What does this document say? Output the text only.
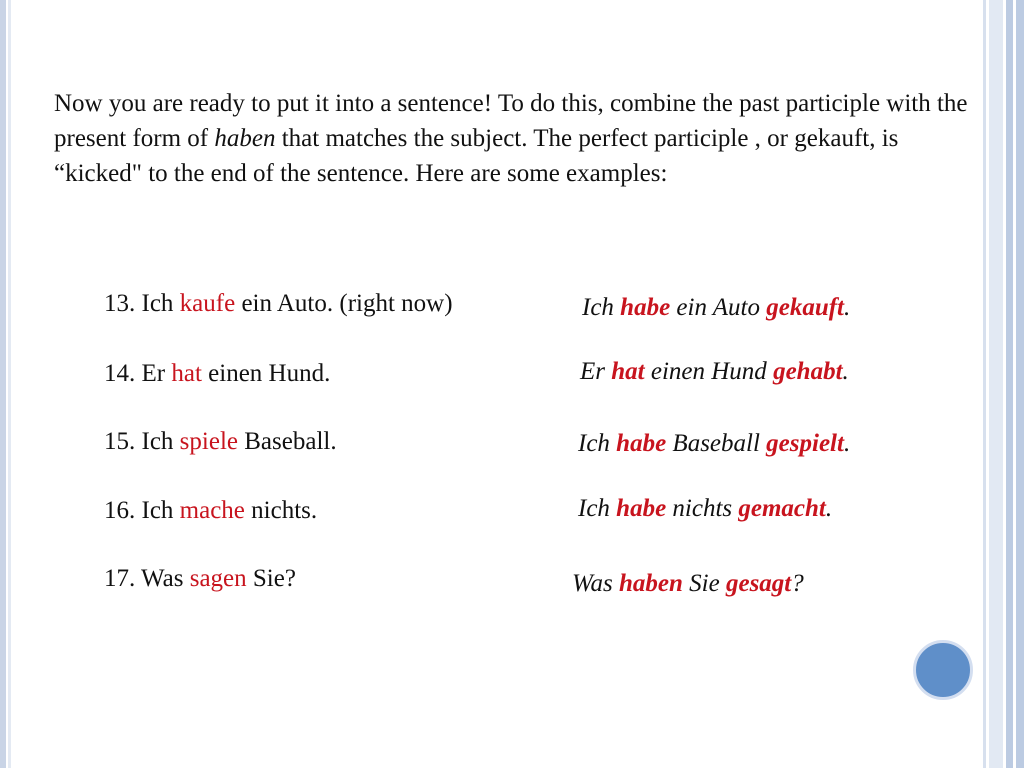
Now you are ready to put it into a sentence! To do this, combine the past participle with the present form of haben that matches the subject. The perfect participle , or gekauft, is “kicked" to the end of the sentence. Here are some examples:
13. Ich kaufe ein Auto. (right now)	Ich habe ein Auto gekauft.
14. Er hat einen Hund.	Er hat einen Hund gehabt.
15. Ich spiele Baseball.	Ich habe Baseball gespielt.
16. Ich mache nichts.	Ich habe nichts gemacht.
17. Was sagen Sie?	Was haben Sie gesagt?
